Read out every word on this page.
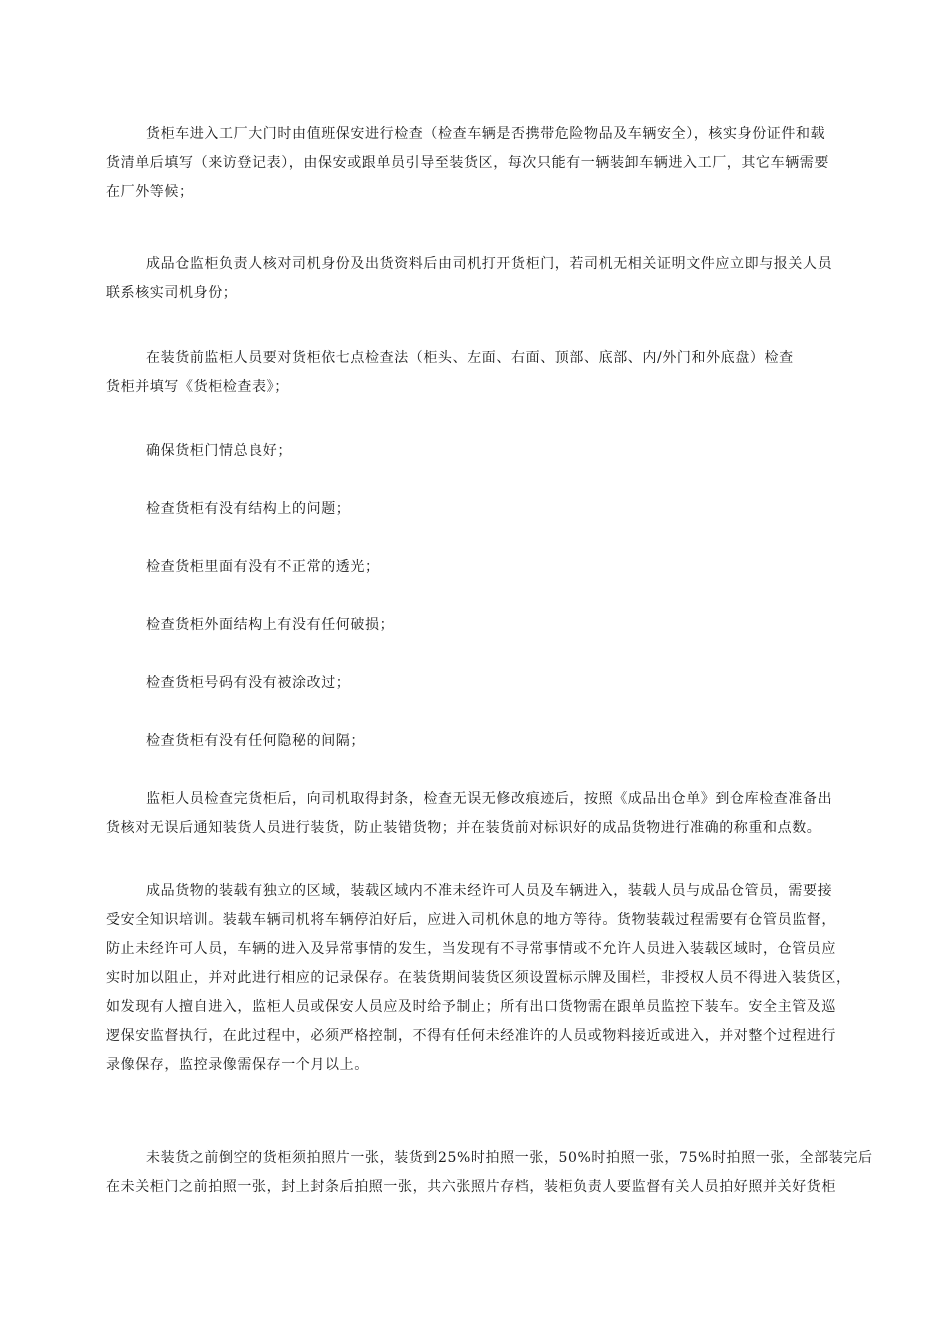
货柜车进入工厂大门时由值班保安进行检查（检查车辆是否携带危险物品及车辆安全），核实身份证件和载
货清单后填写（来访登记表），由保安或跟单员引导至装货区，每次只能有一辆装卸车辆进入工厂，其它车辆需要
在厂外等候；

成品仓监柜负责人核对司机身份及出货资料后由司机打开货柜门，若司机无相关证明文件应立即与报关人员
联系核实司机身份；

在装货前监柜人员要对货柜依七点检查法（柜头、左面、右面、顶部、底部、内/外门和外底盘）检查
货柜并填写《货柜检查表》；

确保货柜门情总良好；

检查货柜有没有结构上的问题；

检查货柜里面有没有不正常的透光；

检查货柜外面结构上有没有任何破损；

检查货柜号码有没有被涂改过；

检查货柜有没有任何隐秘的间隔；

监柜人员检查完货柜后，向司机取得封条，检查无误无修改痕迹后，按照《成品出仓单》到仓库检查准备出
货核对无误后通知装货人员进行装货，防止装错货物；并在装货前对标识好的成品货物进行准确的称重和点数。

成品货物的装载有独立的区域，装载区域内不准未经许可人员及车辆进入，装载人员与成品仓管员，需要接
受安全知识培训。装载车辆司机将车辆停泊好后，应进入司机休息的地方等待。货物装载过程需要有仓管员监督，
防止未经许可人员，车辆的进入及异常事情的发生，当发现有不寻常事情或不允许人员进入装载区域时，仓管员应
实时加以阻止，并对此进行相应的记录保存。在装货期间装货区须设置标示牌及围栏，非授权人员不得进入装货区，
如发现有人擅自进入，监柜人员或保安人员应及时给予制止；所有出口货物需在跟单员监控下装车。安全主管及巡
逻保安监督执行，在此过程中，必须严格控制，不得有任何未经准许的人员或物料接近或进入，并对整个过程进行
录像保存，监控录像需保存一个月以上。

未装货之前倒空的货柜须拍照片一张，装货到25%时拍照一张，50%时拍照一张，75%时拍照一张，全部装完后
在未关柜门之前拍照一张，封上封条后拍照一张，共六张照片存档，装柜负责人要监督有关人员拍好照并关好货柜
